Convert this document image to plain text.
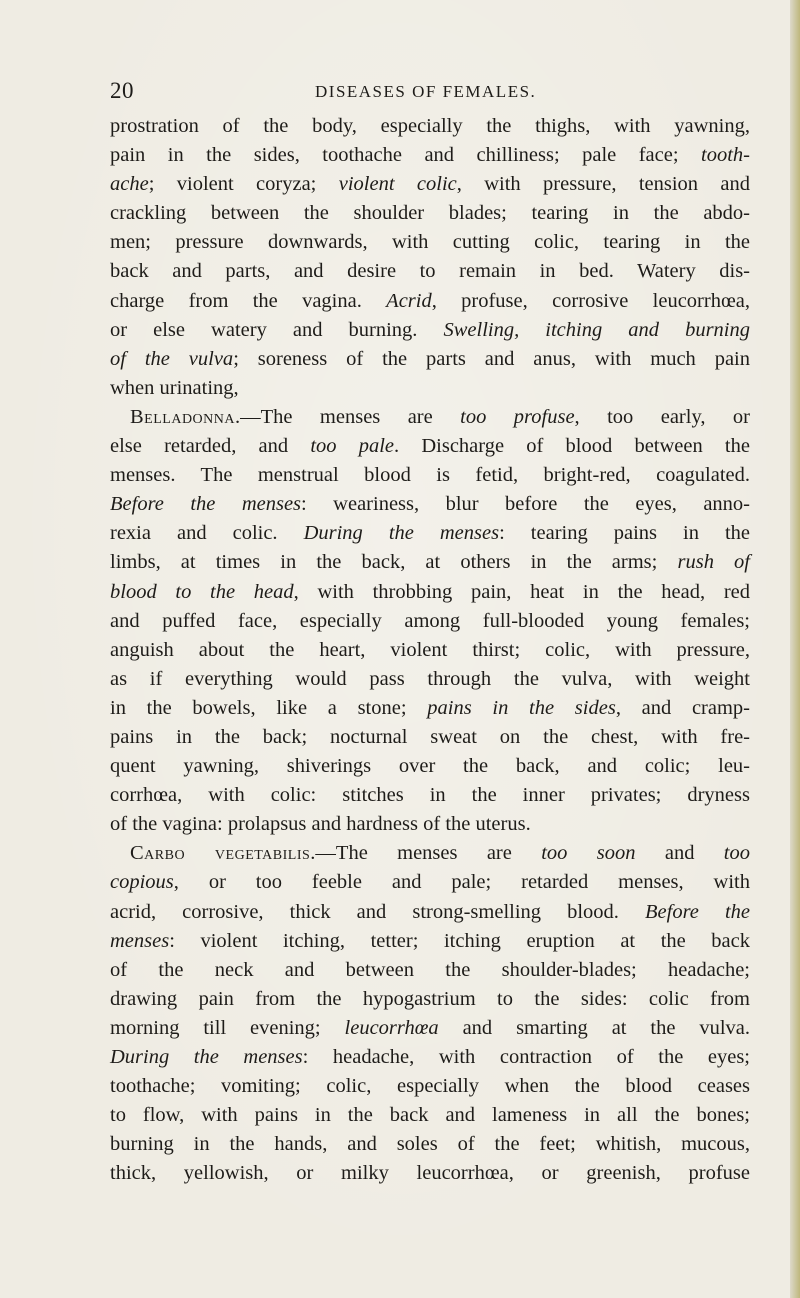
20	DISEASES OF FEMALES.
prostration of the body, especially the thighs, with yawning,
pain in the sides, toothache and chilliness; pale face; tooth-
ache; violent coryza; violent colic, with pressure, tension and
crackling between the shoulder blades; tearing in the abdo-
men; pressure downwards, with cutting colic, tearing in the
back and parts, and desire to remain in bed. Watery dis-
charge from the vagina. Acrid, profuse, corrosive leucorrhœa,
or else watery and burning. Swelling, itching and burning
of the vulva; soreness of the parts and anus, with much pain
when urinating,
Belladonna.—The menses are too profuse, too early, or
else retarded, and too pale. Discharge of blood between the
menses. The menstrual blood is fetid, bright-red, coagulated.
Before the menses: weariness, blur before the eyes, anno-
rexia and colic. During the menses: tearing pains in the
limbs, at times in the back, at others in the arms; rush of
blood to the head, with throbbing pain, heat in the head, red
and puffed face, especially among full-blooded young females;
anguish about the heart, violent thirst; colic, with pressure,
as if everything would pass through the vulva, with weight
in the bowels, like a stone; pains in the sides, and cramp-
pains in the back; nocturnal sweat on the chest, with fre-
quent yawning, shiverings over the back, and colic; leu-
corrhœa, with colic: stitches in the inner privates; dryness
of the vagina: prolapsus and hardness of the uterus.
Carbo vegetabilis.—The menses are too soon and too
copious, or too feeble and pale; retarded menses, with
acrid, corrosive, thick and strong-smelling blood. Before the
menses: violent itching, tetter; itching eruption at the back
of the neck and between the shoulder-blades; headache;
drawing pain from the hypogastrium to the sides: colic from
morning till evening; leucorrhœa and smarting at the vulva.
During the menses: headache, with contraction of the eyes;
toothache; vomiting; colic, especially when the blood ceases
to flow, with pains in the back and lameness in all the bones;
burning in the hands, and soles of the feet; whitish, mucous,
thick, yellowish, or milky leucorrhœa, or greenish, profuse
